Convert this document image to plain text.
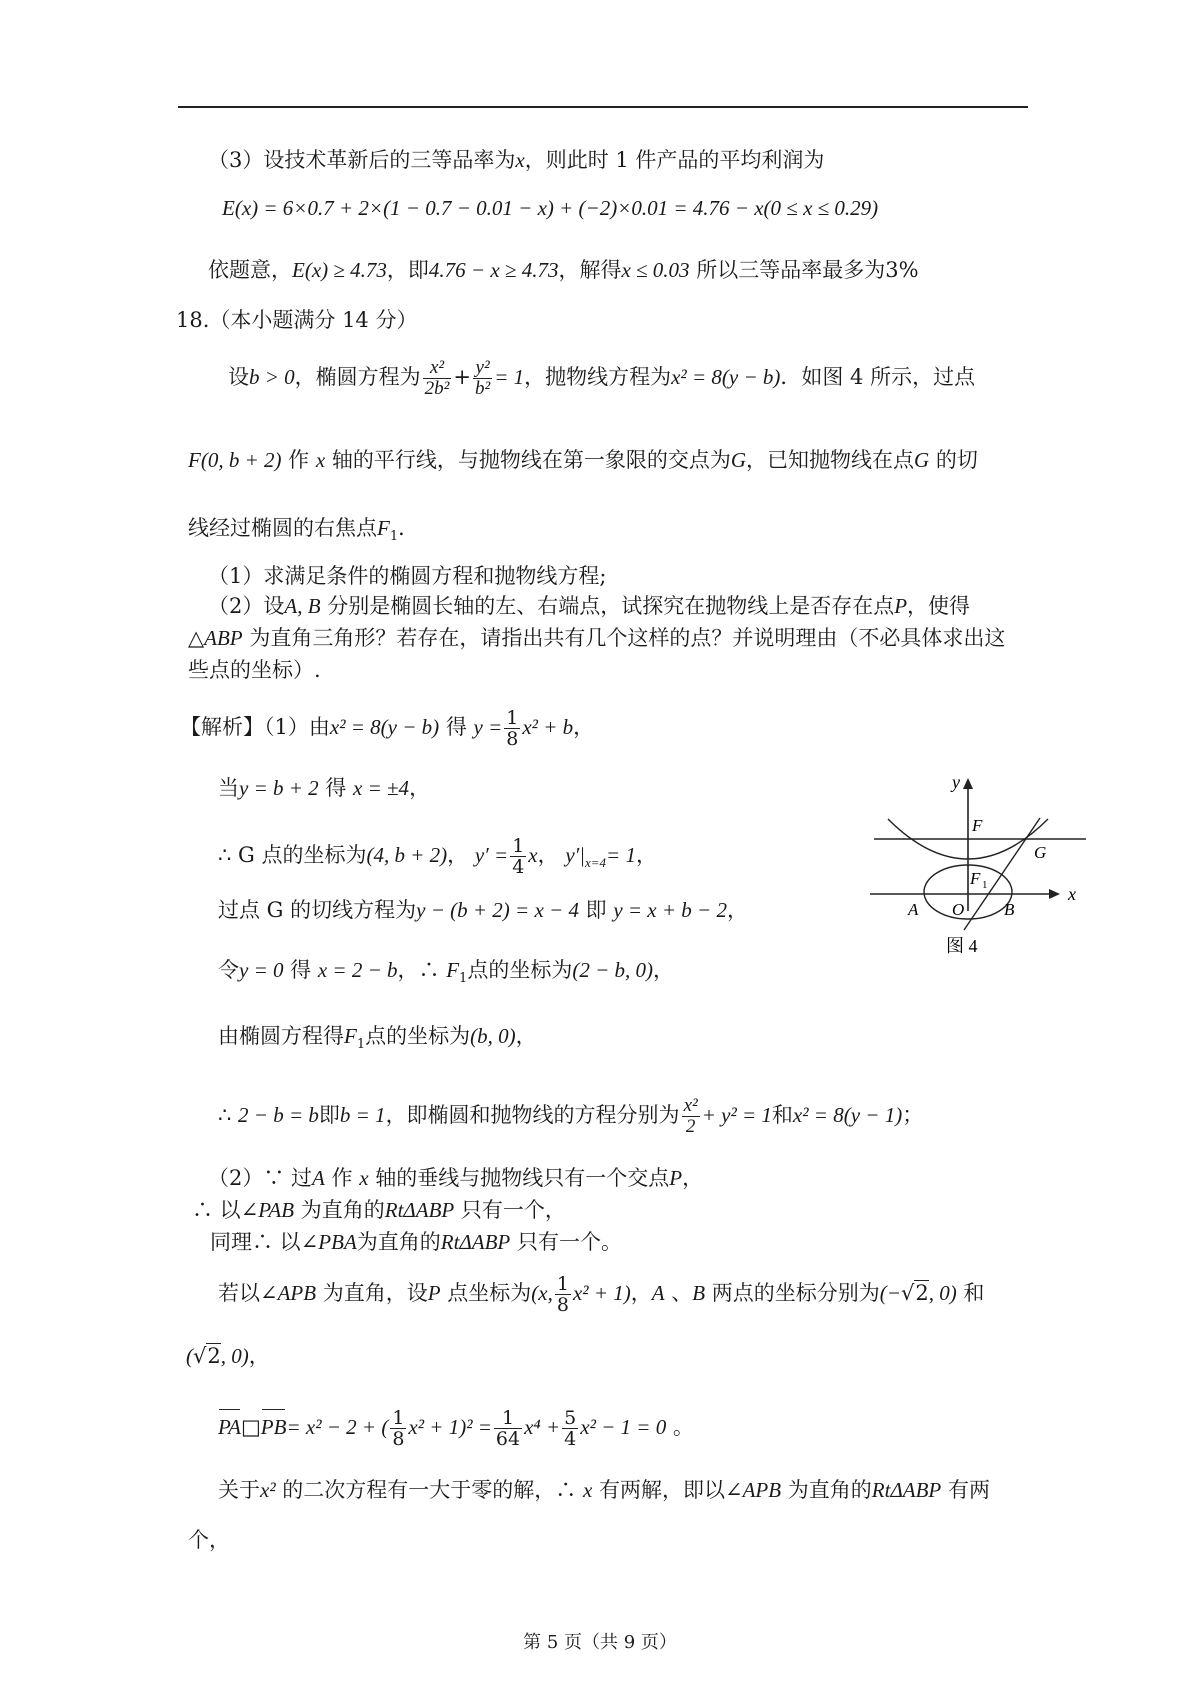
（3）设技术革新后的三等品率为x，则此时 1 件产品的平均利润为
E(x) = 6×0.7 + 2×(1 − 0.7 − 0.01 − x) + (−2)×0.01 = 4.76 − x(0 ≤ x ≤ 0.29)
依题意，E(x) ≥ 4.73，即4.76 − x ≥ 4.73，解得x ≤ 0.03 所以三等品率最多为3%
18.（本小题满分 14 分）
设b > 0，椭圆方程为 $\frac{\text{x²}}{\text{2b²}} + \frac{\text{y²}}{\text{b²}} = 1$，抛物线方程为x² = 8(y − b)．如图 4 所示，过点
F(0, b + 2) 作 x 轴的平行线，与抛物线在第一象限的交点为G，已知抛物线在点G 的切
线经过椭圆的右焦点$F_1$．
（1）求满足条件的椭圆方程和抛物线方程;
（2）设A, B 分别是椭圆长轴的左、右端点，试探究在抛物线上是否存在点P，使得
△ABP 为直角三角形？若存在，请指出共有几个这样的点？并说明理由（不必具体求出这
些点的坐标）.
【解析】（1）由x² = 8(y − b) 得 $y = \frac{1}{8} x^2 + b$，
当y = b + 2 得 x = ±4，
∴ G 点的坐标为(4, b + 2)， $y' = \frac{1}{4}$ x， $y'|_{x=4}= 1$，
过点 G 的切线方程为y − (b + 2) = x − 4 即 y = x + b − 2，
令y = 0 得 x = 2 − b，∴ $F_1$点的坐标为(2 − b, 0)，
由椭圆方程得$F_1$点的坐标为(b, 0)，
∴ 2 − b = b即b = 1，即椭圆和抛物线的方程分别为 $\frac{\text{x²}}{2} + y^2 = 1$和x² = 8(y − 1)；
（2）∵ 过A 作 x 轴的垂线与抛物线只有一个交点P，
∴ 以∠PAB 为直角的RtΔABP 只有一个，
同理∴ 以∠PBA为直角的RtΔABP 只有一个。
若以∠APB 为直角，设P 点坐标为(x, $\frac{1}{8} x^2 + 1$)，A 、B 两点的坐标分别为(−√2, 0) 和
(√2, 0)，
PA□PB= x² − 2 + ( $\frac{1}{8} x^2 + 1)^2 = \frac{1}{64} x^4 + \frac{5}{4} x^2 - 1 = 0$ 。
关于x² 的二次方程有一大于零的解，∴ x 有两解，即以∠APB 为直角的RtΔABP 有两
个，
y
x
F
G
F 1
A O B
图 4
第 5 页（共 9 页）
